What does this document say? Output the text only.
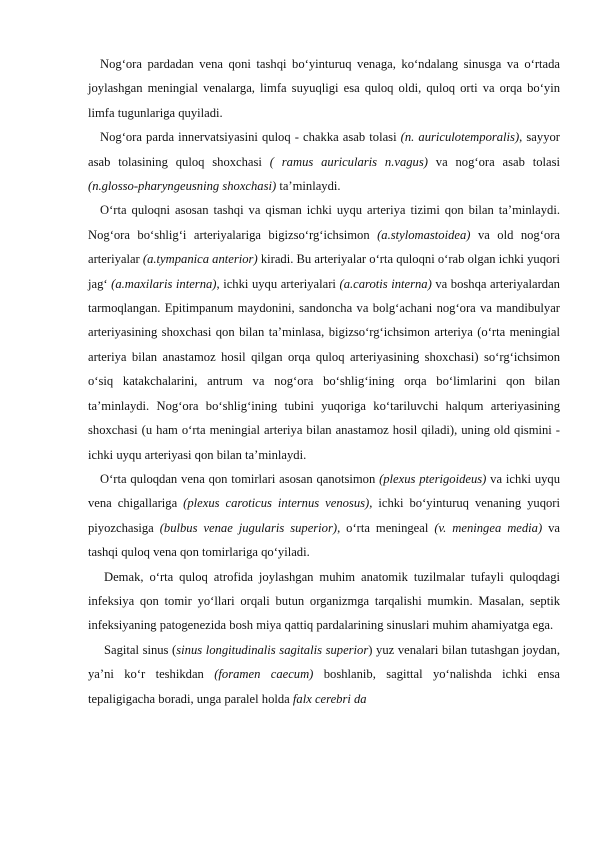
Nog‘ora pardadan vena qoni tashqi bo‘yinturuq venaga, ko‘ndalang sinusga va o‘rtada joylashgan meningial venalarga, limfa suyuqligi esa quloq oldi, quloq orti va orqa bo‘yin limfa tugunlariga quyiladi.

Nog‘ora parda innervatsiyasini quloq - chakka asab tolasi (n. auriculotemporalis), sayyor asab tolasining quloq shoxchasi ( ramus auricularis n.vagus) va nog‘ora asab tolasi (n.glosso-pharyngeusning shoxchasi) ta’minlaydi.

O‘rta quloqni asosan tashqi va qisman ichki uyqu arteriya tizimi qon bilan ta’minlaydi. Nog‘ora bo‘shlig‘i arteriyalariga bigizso‘rg‘ichsimon (a.stylomastoidea) va old nog‘ora arteriyalar (a.tympanica anterior) kiradi. Bu arteriyalar o‘rta quloqni o‘rab olgan ichki yuqori jag‘ (a.maxilaris interna), ichki uyqu arteriyalari (a.carotis interna) va boshqa arteriyalardan tarmoqlangan. Epitimpanum maydonini, sandoncha va bolg‘achani nog‘ora va mandibulyar arteriyasining shoxchasi qon bilan ta’minlasa, bigizso‘rg‘ichsimon arteriya (o‘rta meningial arteriya bilan anastamoz hosil qilgan orqa quloq arteriyasining shoxchasi) so‘rg‘ichsimon o‘siq katakchalarini, antrum va nog‘ora bo‘shlig‘ining orqa bo‘limlarini qon bilan ta’minlaydi. Nog‘ora bo‘shlig‘ining tubini yuqoriga ko‘tariluvchi halqum arteriyasining shoxchasi (u ham o‘rta meningial arteriya bilan anastamoz hosil qiladi), uning old qismini - ichki uyqu arteriyasi qon bilan ta’minlaydi.

O‘rta quloqdan vena qon tomirlari asosan qanotsimon (plexus pterigoideus) va ichki uyqu vena chigallariga (plexus caroticus internus venosus), ichki bo‘yinturuq venaning yuqori piyozchasiga (bulbus venae jugularis superior), o‘rta meningeal (v. meningea media) va tashqi quloq vena qon tomirlariga qo‘yiladi.

Demak, o‘rta quloq atrofida joylashgan muhim anatomik tuzilmalar tufayli quloqdagi infeksiya qon tomir yo‘llari orqali butun organizmga tarqalishi mumkin. Masalan, septik infeksiyaning patogenezida bosh miya qattiq pardalarining sinuslari muhim ahamiyatga ega.

Sagital sinus (sinus longitudinalis sagitalis superior) yuz venalari bilan tutashgan joydan, ya’ni ko‘r teshikdan (foramen caecum) boshlanib, sagittal yo‘nalishda ichki ensa tepaligigacha boradi, unga paralel holda falx cerebri da
